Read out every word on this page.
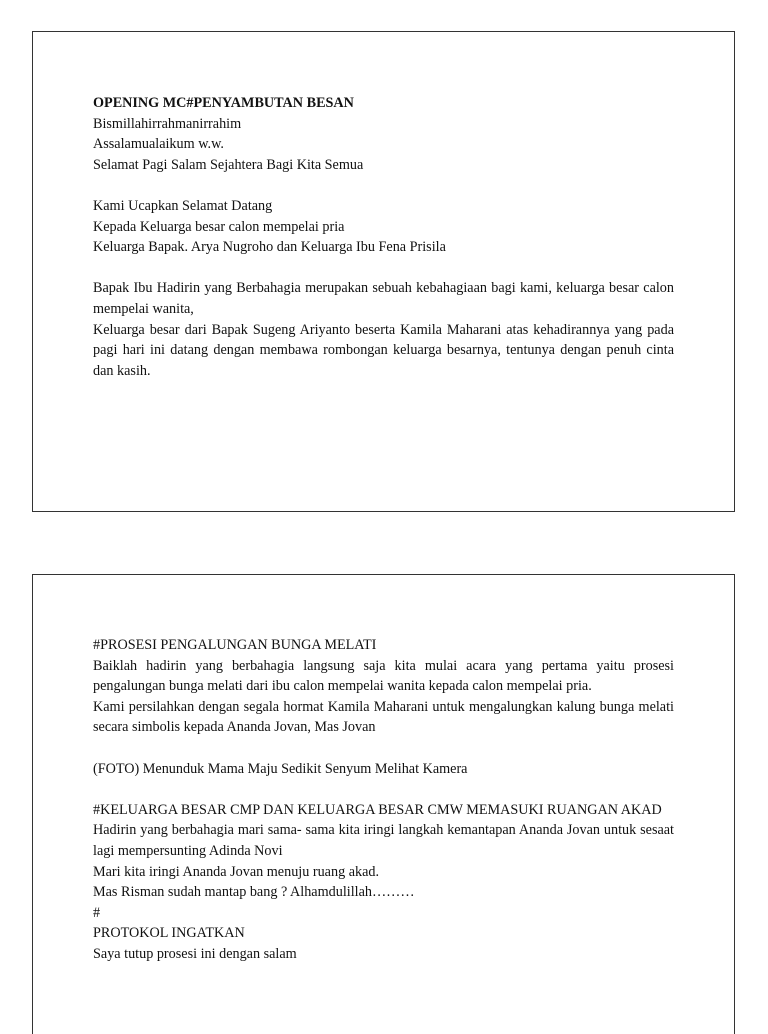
OPENING MC#PENYAMBUTAN BESAN
Bismillahirrahmanirrahim
Assalamualaikum w.w.
Selamat Pagi Salam Sejahtera Bagi Kita Semua
Kami Ucapkan Selamat Datang
Kepada Keluarga besar calon mempelai pria
Keluarga Bapak. Arya Nugroho dan Keluarga Ibu Fena Prisila
Bapak Ibu Hadirin yang Berbahagia merupakan sebuah kebahagiaan bagi kami, keluarga besar calon mempelai wanita,
Keluarga besar dari Bapak Sugeng Ariyanto beserta Kamila Maharani atas kehadirannya yang pada pagi hari ini datang dengan membawa rombongan keluarga besarnya, tentunya dengan penuh cinta dan kasih.
#PROSESI PENGALUNGAN BUNGA MELATI
Baiklah hadirin yang berbahagia langsung saja kita mulai acara yang pertama yaitu prosesi pengalungan bunga melati dari ibu calon mempelai wanita kepada calon mempelai pria.
Kami persilahkan dengan segala hormat Kamila Maharani untuk mengalungkan kalung bunga melati secara simbolis kepada Ananda Jovan, Mas Jovan
(FOTO) Menunduk Mama Maju Sedikit Senyum Melihat Kamera
#KELUARGA BESAR CMP DAN KELUARGA BESAR CMW MEMASUKI RUANGAN AKAD
Hadirin yang berbahagia mari sama- sama kita iringi langkah kemantapan Ananda Jovan untuk sesaat lagi mempersunting Adinda Novi
Mari kita iringi Ananda Jovan menuju ruang akad.
Mas Risman sudah mantap bang ? Alhamdulillah………
#
PROTOKOL INGATKAN
Saya tutup prosesi ini dengan salam
